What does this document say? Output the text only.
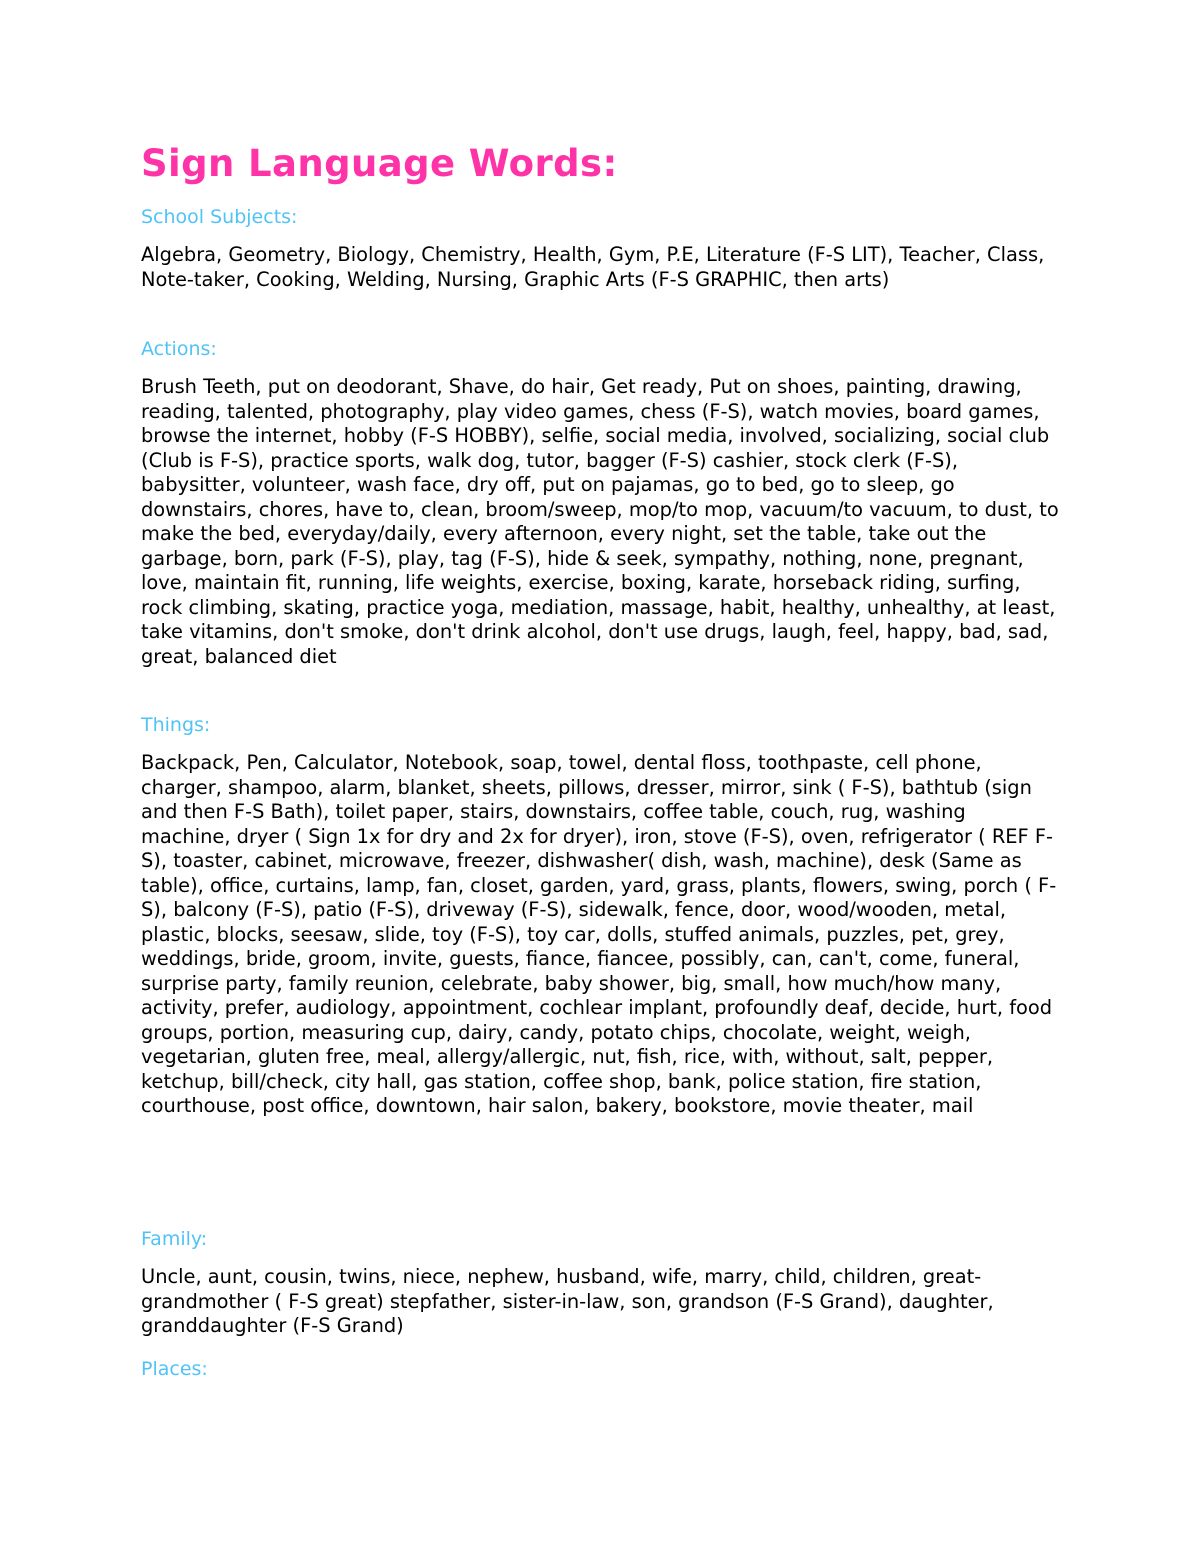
Sign Language Words:
School Subjects:

Algebra, Geometry, Biology, Chemistry, Health, Gym, P.E, Literature (F-S LIT), Teacher, Class, Note-taker, Cooking, Welding, Nursing, Graphic Arts (F-S GRAPHIC, then arts)

Actions:

Brush Teeth, put on deodorant, Shave, do hair, Get ready, Put on shoes, painting, drawing, reading, talented, photography, play video games, chess (F-S), watch movies, board games, browse the internet, hobby (F-S HOBBY), selfie, social media, involved, socializing, social club (Club is F-S), practice sports, walk dog, tutor, bagger (F-S) cashier, stock clerk (F-S), babysitter, volunteer, wash face, dry off, put on pajamas, go to bed, go to sleep, go downstairs, chores, have to, clean, broom/sweep, mop/to mop, vacuum/to vacuum, to dust, to make the bed, everyday/daily, every afternoon, every night, set the table, take out the garbage, born, park (F-S), play, tag (F-S), hide & seek, sympathy, nothing, none, pregnant, love, maintain fit, running, life weights, exercise, boxing, karate, horseback riding, surfing, rock climbing, skating, practice yoga, mediation, massage, habit, healthy, unhealthy, at least, take vitamins, don't smoke, don't drink alcohol, don't use drugs, laugh, feel, happy, bad, sad, great, balanced diet

Things:

Backpack, Pen, Calculator, Notebook, soap, towel, dental floss, toothpaste, cell phone, charger, shampoo, alarm, blanket, sheets, pillows, dresser, mirror, sink ( F-S), bathtub (sign and then F-S Bath), toilet paper, stairs, downstairs, coffee table, couch, rug, washing machine, dryer ( Sign 1x for dry and 2x for dryer), iron, stove (F-S), oven, refrigerator ( REF F-S), toaster, cabinet, microwave, freezer, dishwasher( dish, wash, machine), desk (Same as table), office, curtains, lamp, fan, closet, garden, yard, grass, plants, flowers, swing, porch ( F-S), balcony (F-S), patio (F-S), driveway (F-S), sidewalk, fence, door, wood/wooden, metal, plastic, blocks, seesaw, slide, toy (F-S), toy car, dolls, stuffed animals, puzzles, pet, grey, weddings, bride, groom, invite, guests, fiance, fiancee, possibly, can, can't, come, funeral, surprise party, family reunion, celebrate, baby shower, big, small, how much/how many, activity, prefer, audiology, appointment, cochlear implant, profoundly deaf, decide, hurt, food groups, portion, measuring cup, dairy, candy, potato chips, chocolate, weight, weigh, vegetarian, gluten free, meal, allergy/allergic, nut, fish, rice, with, without, salt, pepper, ketchup, bill/check, city hall, gas station, coffee shop, bank, police station, fire station, courthouse, post office, downtown, hair salon, bakery, bookstore, movie theater, mail

Family:

Uncle, aunt, cousin, twins, niece, nephew, husband, wife, marry, child, children, great-grandmother ( F-S great) stepfather, sister-in-law, son, grandson (F-S Grand), daughter, granddaughter (F-S Grand)

Places:
